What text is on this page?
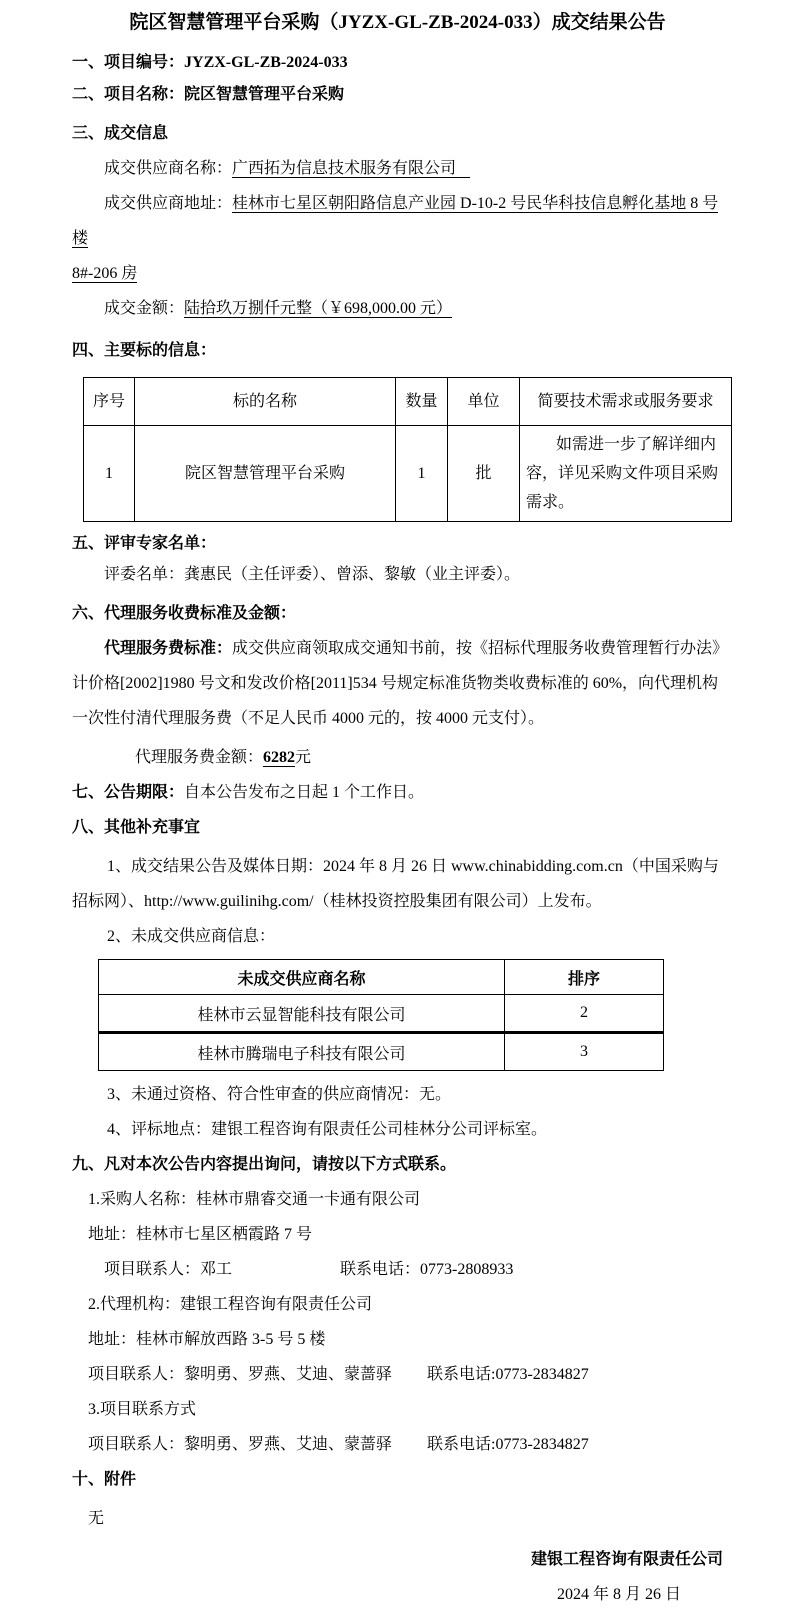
院区智慧管理平台采购（JYZX-GL-ZB-2024-033）成交结果公告

一、项目编号：JYZX-GL-ZB-2024-033

二、项目名称：院区智慧管理平台采购

三、成交信息

成交供应商名称：广西拓为信息技术服务有限公司

成交供应商地址：桂林市七星区朝阳路信息产业园 D-10-2 号民华科技信息孵化基地 8 号楼

8#-206 房

成交金额：陆拾玖万捌仟元整（￥698,000.00 元）

四、主要标的信息：

序号	标的名称	数量	单位	简要技术需求或服务要求
1	院区智慧管理平台采购	1	批	如需进一步了解详细内容，详见采购文件项目采购需求。

五、评审专家名单：

评委名单：龚惠民（主任评委）、曾添、黎敏（业主评委）。

六、代理服务收费标准及金额：

代理服务费标准：成交供应商领取成交通知书前，按《招标代理服务收费管理暂行办法》计价格[2002]1980 号文和发改价格[2011]534 号规定标准货物类收费标准的 60%，向代理机构一次性付清代理服务费（不足人民币 4000 元的，按 4000 元支付）。

代理服务费金额：6282元

七、公告期限：自本公告发布之日起 1 个工作日。

八、其他补充事宜

1、成交结果公告及媒体日期：2024 年 8 月 26 日 www.chinabidding.com.cn（中国采购与招标网）、http://www.guilinihg.com/（桂林投资控股集团有限公司）上发布。

2、未成交供应商信息：

未成交供应商名称	排序
桂林市云显智能科技有限公司	2
桂林市腾瑞电子科技有限公司	3

3、未通过资格、符合性审查的供应商情况：无。

4、评标地点：建银工程咨询有限责任公司桂林分公司评标室。

九、凡对本次公告内容提出询问，请按以下方式联系。

1.采购人名称：桂林市鼎睿交通一卡通有限公司

地址：桂林市七星区栖霞路 7 号

项目联系人：邓工	联系电话：0773-2808933

2.代理机构：建银工程咨询有限责任公司

地址：桂林市解放西路 3-5 号 5 楼

项目联系人：黎明勇、罗燕、艾迪、蒙蔷驿 联系电话:0773-2834827

3.项目联系方式

项目联系人：黎明勇、罗燕、艾迪、蒙蔷驿 联系电话:0773-2834827

十、附件

无

建银工程咨询有限责任公司

2024 年 8 月 26 日
